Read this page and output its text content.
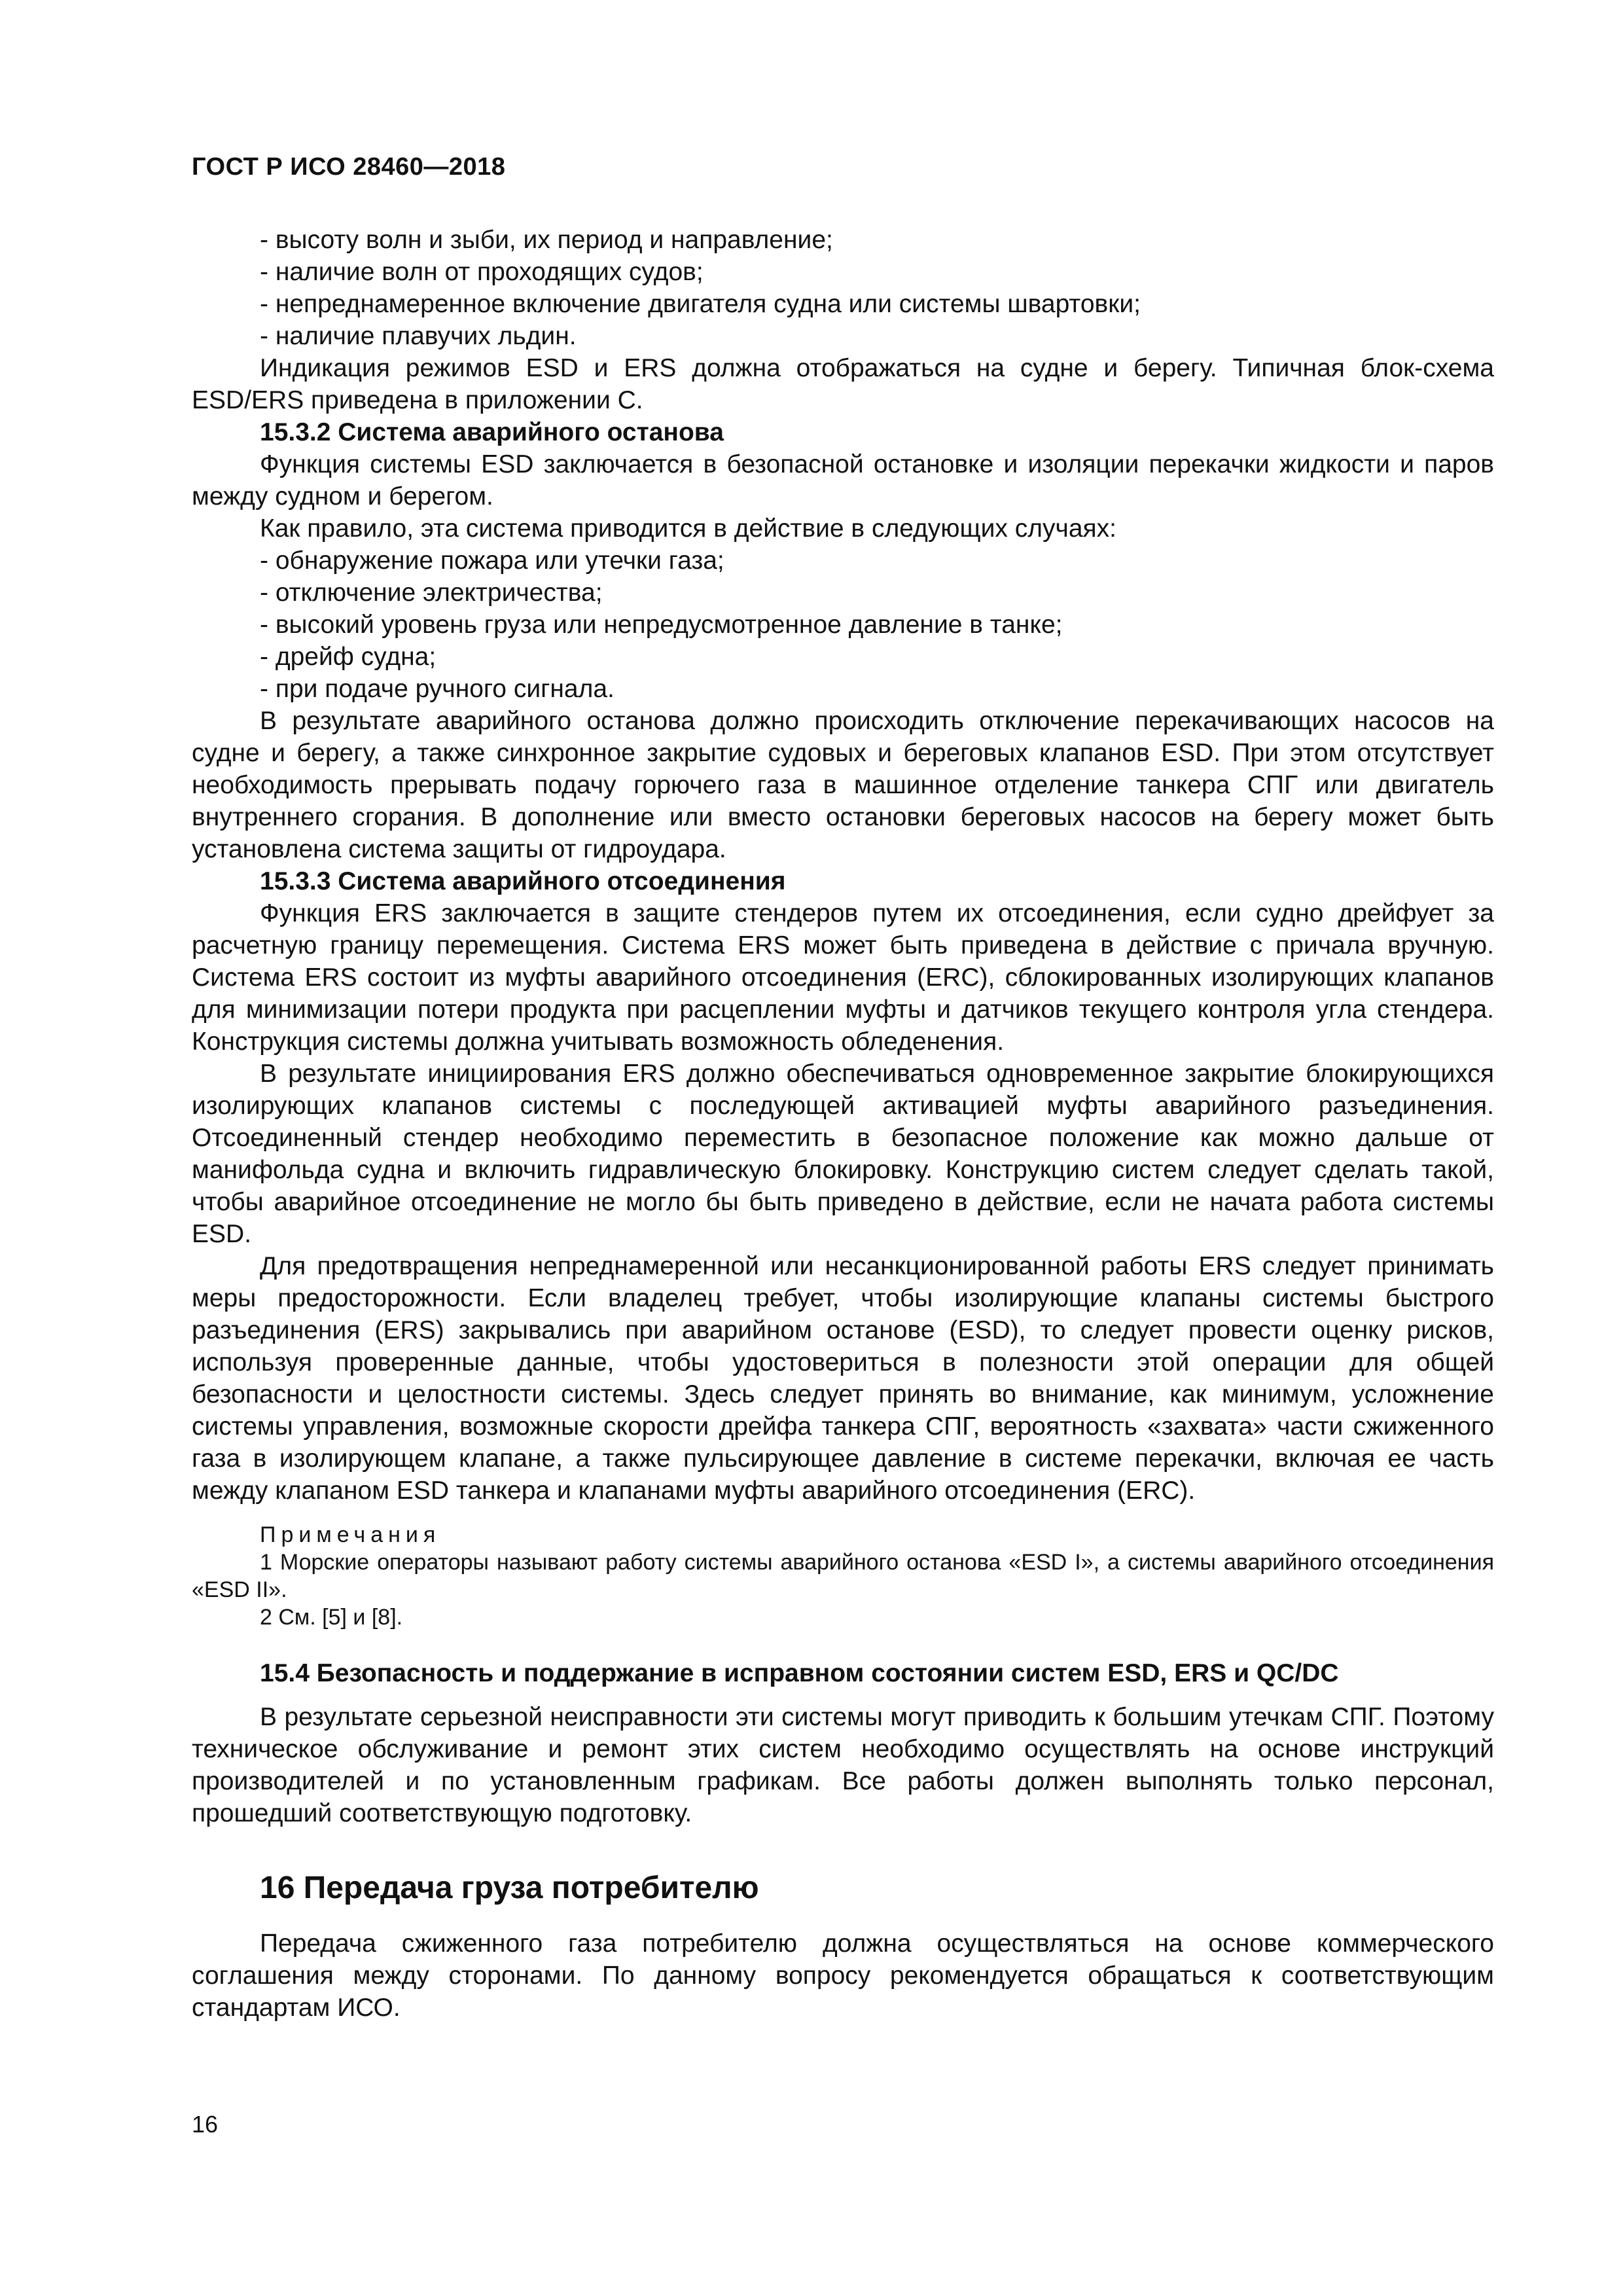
ГОСТ Р ИСО 28460—2018

- высоту волн и зыби, их период и направление;

- наличие волн от проходящих судов;

- непреднамеренное включение двигателя судна или системы швартовки;

- наличие плавучих льдин.

Индикация режимов ESD и ERS должна отображаться на судне и берегу. Типичная блок-схема ESD/ERS приведена в приложении С.

15.3.2 Система аварийного останова

Функция системы ESD заключается в безопасной остановке и изоляции перекачки жидкости и паров между судном и берегом.

Как правило, эта система приводится в действие в следующих случаях:

- обнаружение пожара или утечки газа;

- отключение электричества;

- высокий уровень груза или непредусмотренное давление в танке;

- дрейф судна;

- при подаче ручного сигнала.

В результате аварийного останова должно происходить отключение перекачивающих насосов на судне и берегу, а также синхронное закрытие судовых и береговых клапанов ESD. При этом отсутствует необходимость прерывать подачу горючего газа в машинное отделение танкера СПГ или двигатель внутреннего сгорания. В дополнение или вместо остановки береговых насосов на берегу может быть установлена система защиты от гидроудара.

15.3.3 Система аварийного отсоединения

Функция ERS заключается в защите стендеров путем их отсоединения, если судно дрейфует за расчетную границу перемещения. Система ERS может быть приведена в действие с причала вручную. Система ERS состоит из муфты аварийного отсоединения (ERC), сблокированных изолирующих клапанов для минимизации потери продукта при расцеплении муфты и датчиков текущего контроля угла стендера. Конструкция системы должна учитывать возможность обледенения.

В результате инициирования ERS должно обеспечиваться одновременное закрытие блокирующихся изолирующих клапанов системы с последующей активацией муфты аварийного разъединения. Отсоединенный стендер необходимо переместить в безопасное положение как можно дальше от манифольда судна и включить гидравлическую блокировку. Конструкцию систем следует сделать такой, чтобы аварийное отсоединение не могло бы быть приведено в действие, если не начата работа системы ESD.

Для предотвращения непреднамеренной или несанкционированной работы ERS следует принимать меры предосторожности. Если владелец требует, чтобы изолирующие клапаны системы быстрого разъединения (ERS) закрывались при аварийном останове (ESD), то следует провести оценку рисков, используя проверенные данные, чтобы удостовериться в полезности этой операции для общей безопасности и целостности системы. Здесь следует принять во внимание, как минимум, усложнение системы управления, возможные скорости дрейфа танкера СПГ, вероятность «захвата» части сжиженного газа в изолирующем клапане, а также пульсирующее давление в системе перекачки, включая ее часть между клапаном ESD танкера и клапанами муфты аварийного отсоединения (ERC).

Примечания

1 Морские операторы называют работу системы аварийного останова «ESD I», а системы аварийного отсоединения «ESD II».

2 См. [5] и [8].

15.4 Безопасность и поддержание в исправном состоянии систем ESD, ERS и QC/DC

В результате серьезной неисправности эти системы могут приводить к большим утечкам СПГ. Поэтому техническое обслуживание и ремонт этих систем необходимо осуществлять на основе инструкций производителей и по установленным графикам. Все работы должен выполнять только персонал, прошедший соответствующую подготовку.

16 Передача груза потребителю

Передача сжиженного газа потребителю должна осуществляться на основе коммерческого соглашения между сторонами. По данному вопросу рекомендуется обращаться к соответствующим стандартам ИСО.

16
